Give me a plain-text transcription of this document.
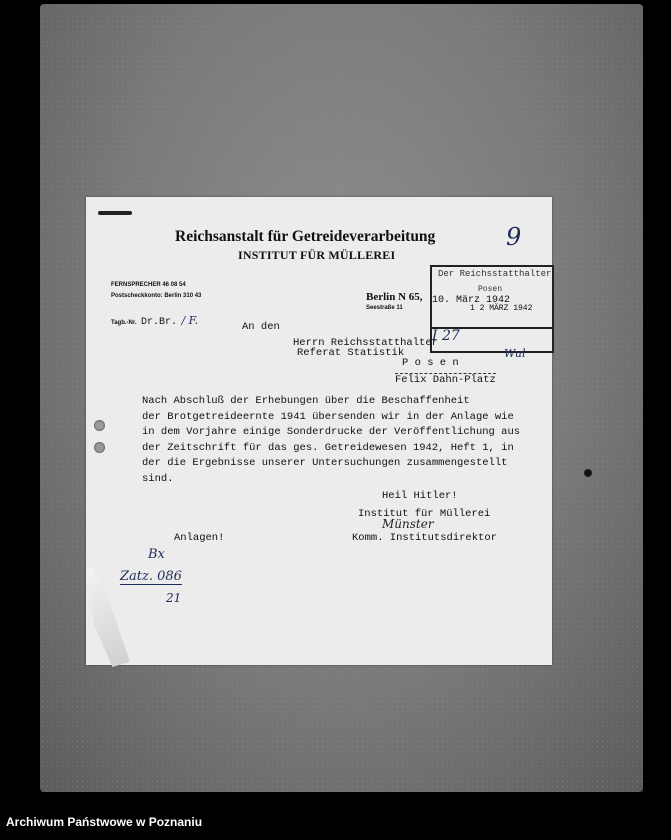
Reichsanstalt für Getreideverarbeitung
INSTITUT FÜR MÜLLEREI
9
FERNSPRECHER 46 08 54
Postscheckkonto: Berlin 310 43
Tagb.-Nr. Dr.Br. / F.
Berlin N 65,
Seestraße 11
Der Reichsstatthalter
Posen
10. März 1942
1 2 MÄRZ 1942
I 27
Wul
An den
Herrn Reichsstatthalter
Referat Statistik
P o s e n
Felix Dahn-Platz
Nach Abschluß der Erhebungen über die Beschaffenheit
der Brotgetreideernte 1941 übersenden wir in der Anlage wie
in dem Vorjahre einige Sonderdrucke der Veröffentlichung aus
der Zeitschrift für das ges. Getreidewesen 1942, Heft 1, in
der die Ergebnisse unserer Untersuchungen zusammengestellt
sind.
Heil Hitler!
Institut für Müllerei
Münster
Komm. Institutsdirektor
Anlagen!
Bx
Zatz. 086
21
Archiwum Państwowe w Poznaniu
